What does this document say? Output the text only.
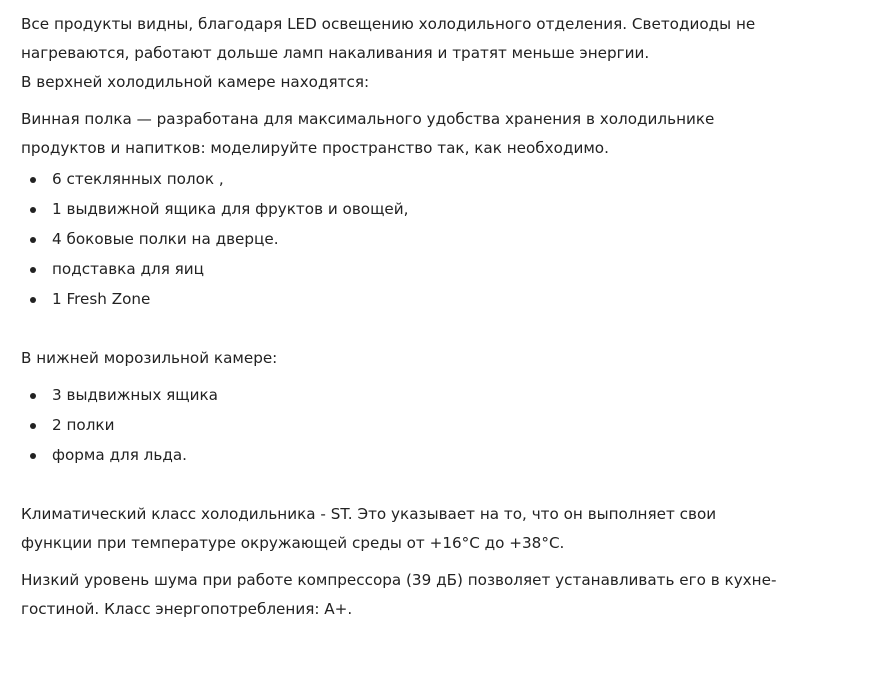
Все продукты видны, благодаря LED освещению холодильного отделения. Светодиоды не
нагреваются, работают дольше ламп накаливания и тратят меньше энергии.
В верхней холодильной камере находятся:

Винная полка — разработана для максимального удобства хранения в холодильнике
продуктов и напитков: моделируйте пространство так, как необходимо.

6 стеклянных полок ,
1 выдвижной ящика для фруктов и овощей,
4 боковые полки на дверце.
подставка для яиц
1 Fresh Zone

В нижней морозильной камере:

3 выдвижных ящика
2 полки
форма для льда.

Климатический класс холодильника - ST. Это указывает на то, что он выполняет свои
функции при температуре окружающей среды от +16°C до +38°C.

Низкий уровень шума при работе компрессора (39 дБ) позволяет устанавливать его в кухне-
гостиной. Класс энергопотребления: А+.
